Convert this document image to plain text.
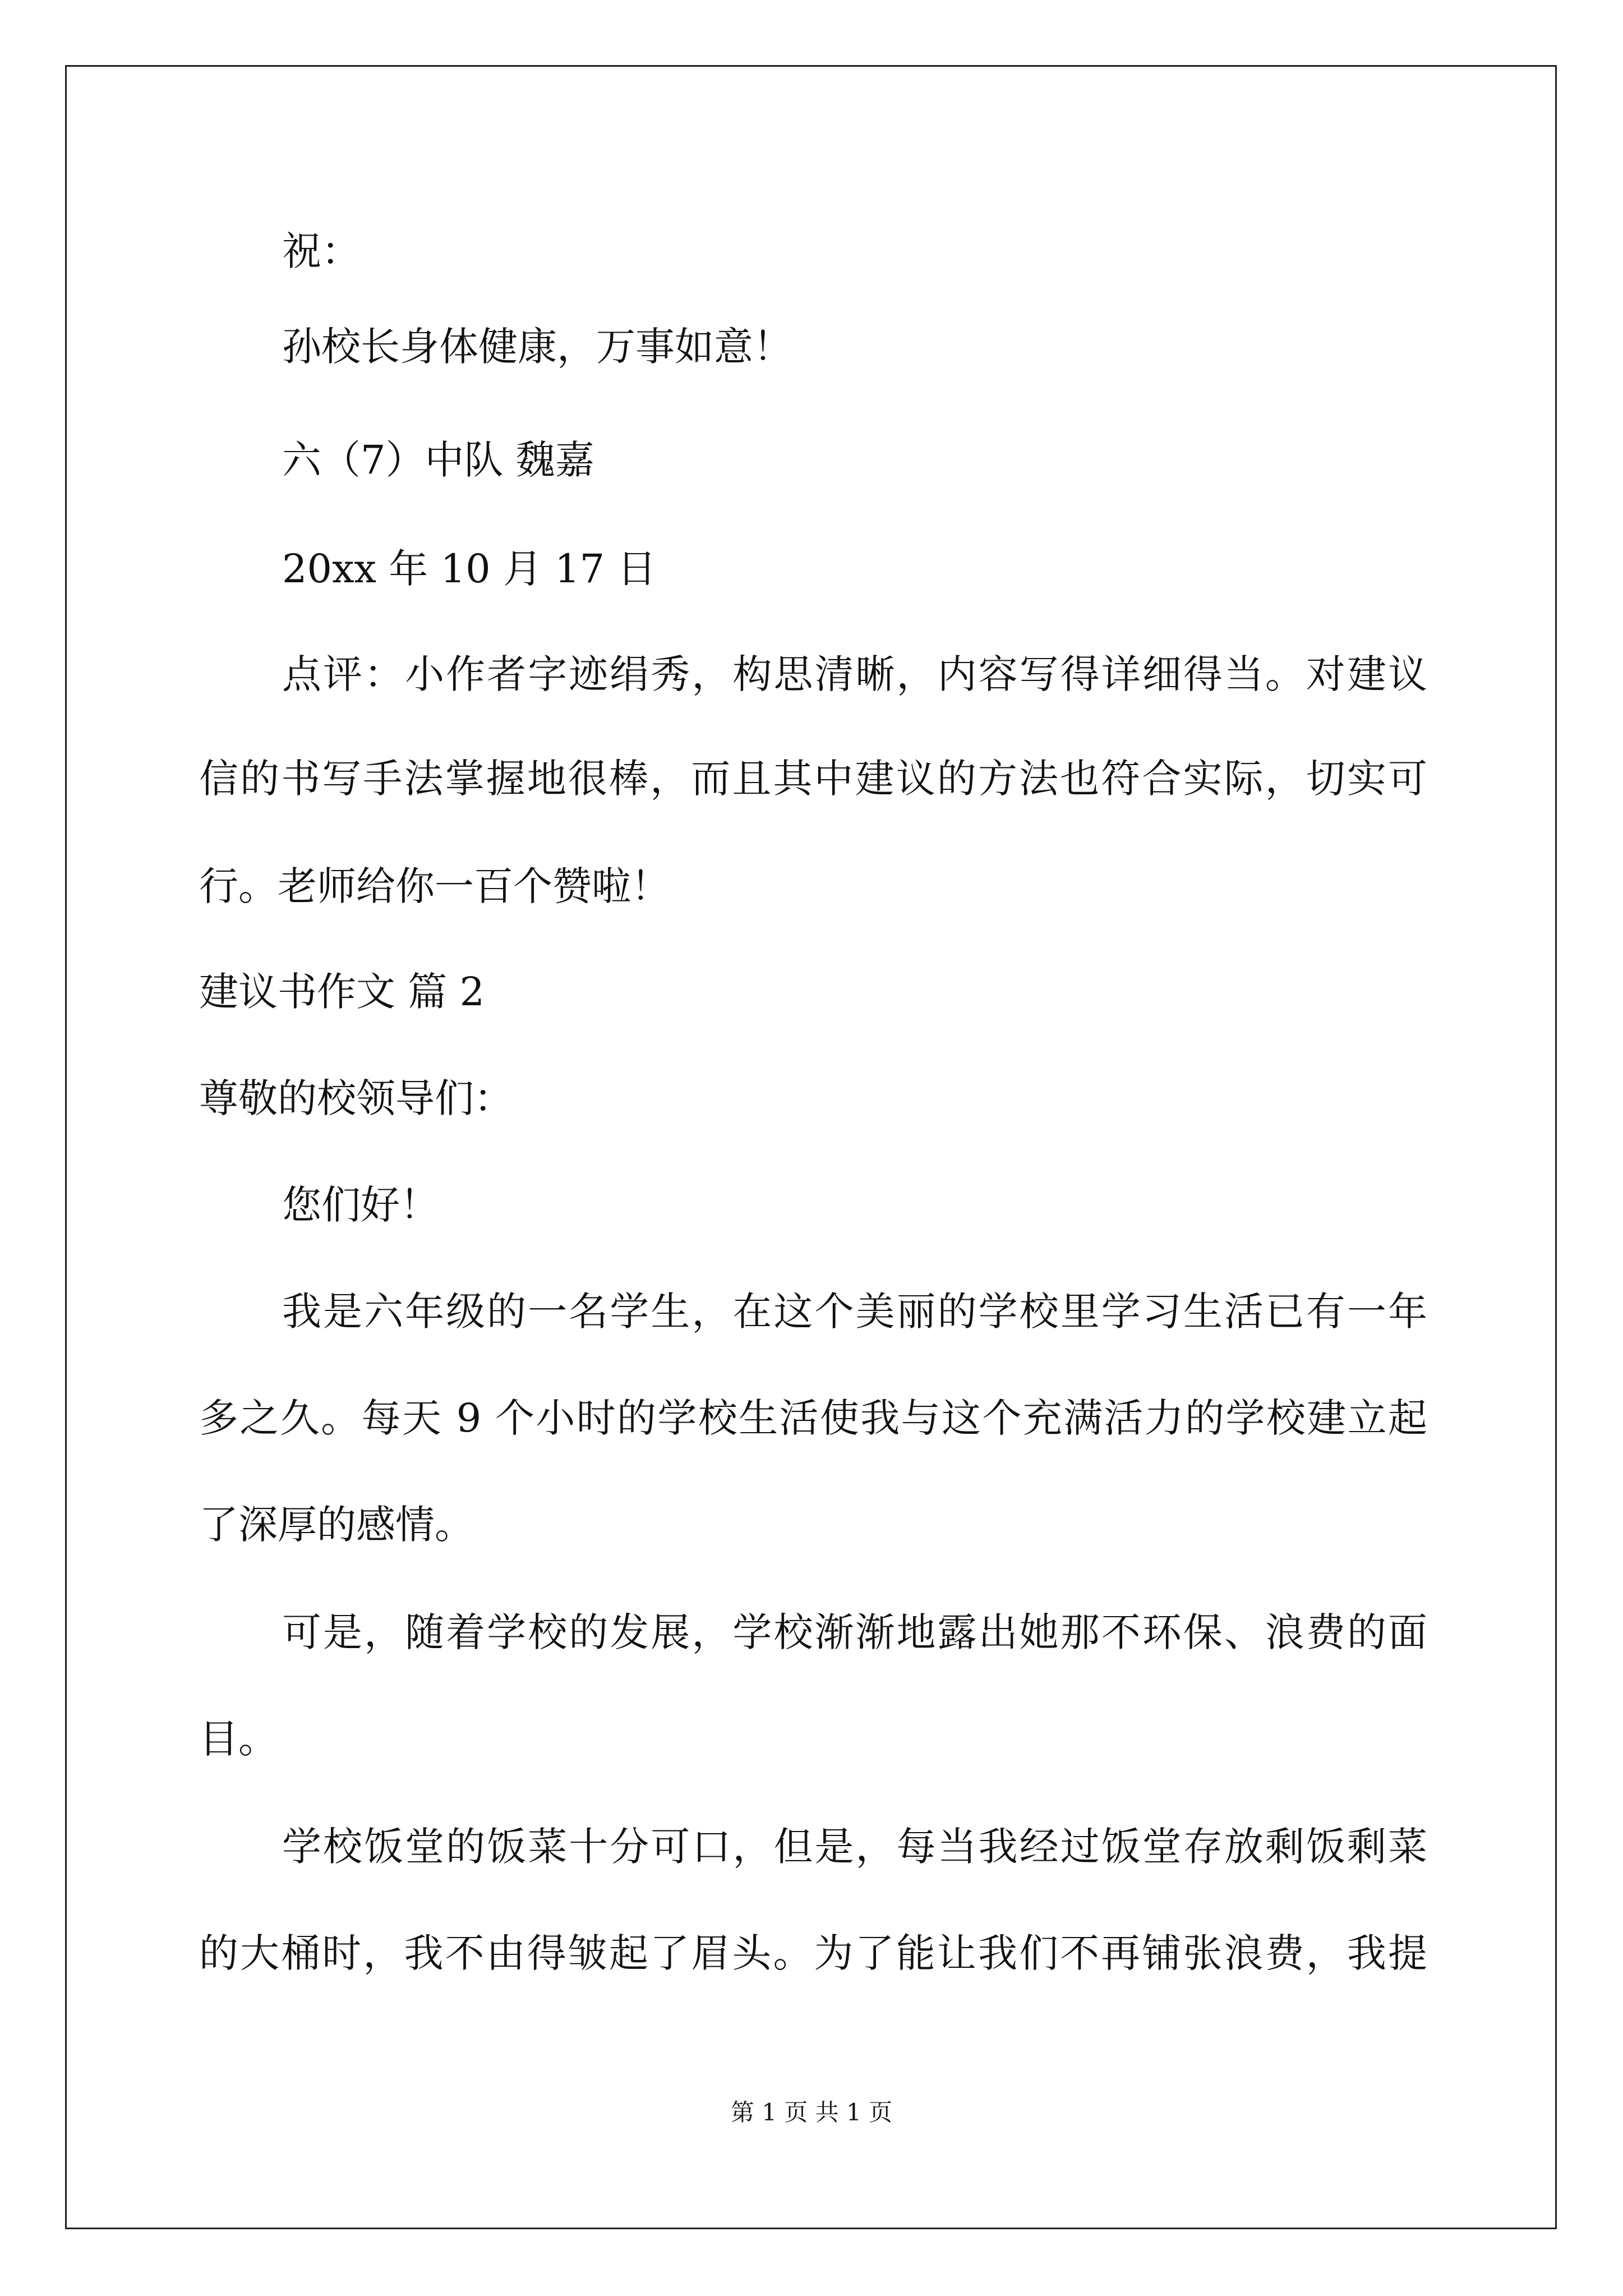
祝：
孙校长身体健康，万事如意！
六（7）中队 魏嘉
20xx 年 10 月 17 日
点评：小作者字迹绢秀，构思清晰，内容写得详细得当。对建议
信的书写手法掌握地很棒，而且其中建议的方法也符合实际，切实可
行。老师给你一百个赞啦！
建议书作文 篇 2
尊敬的校领导们：
您们好！
我是六年级的一名学生，在这个美丽的学校里学习生活已有一年
多之久。每天 9 个小时的学校生活使我与这个充满活力的学校建立起
了深厚的感情。
可是，随着学校的发展，学校渐渐地露出她那不环保、浪费的面
目。
学校饭堂的饭菜十分可口，但是，每当我经过饭堂存放剩饭剩菜
的大桶时，我不由得皱起了眉头。为了能让我们不再铺张浪费，我提
第 1 页 共 1 页
